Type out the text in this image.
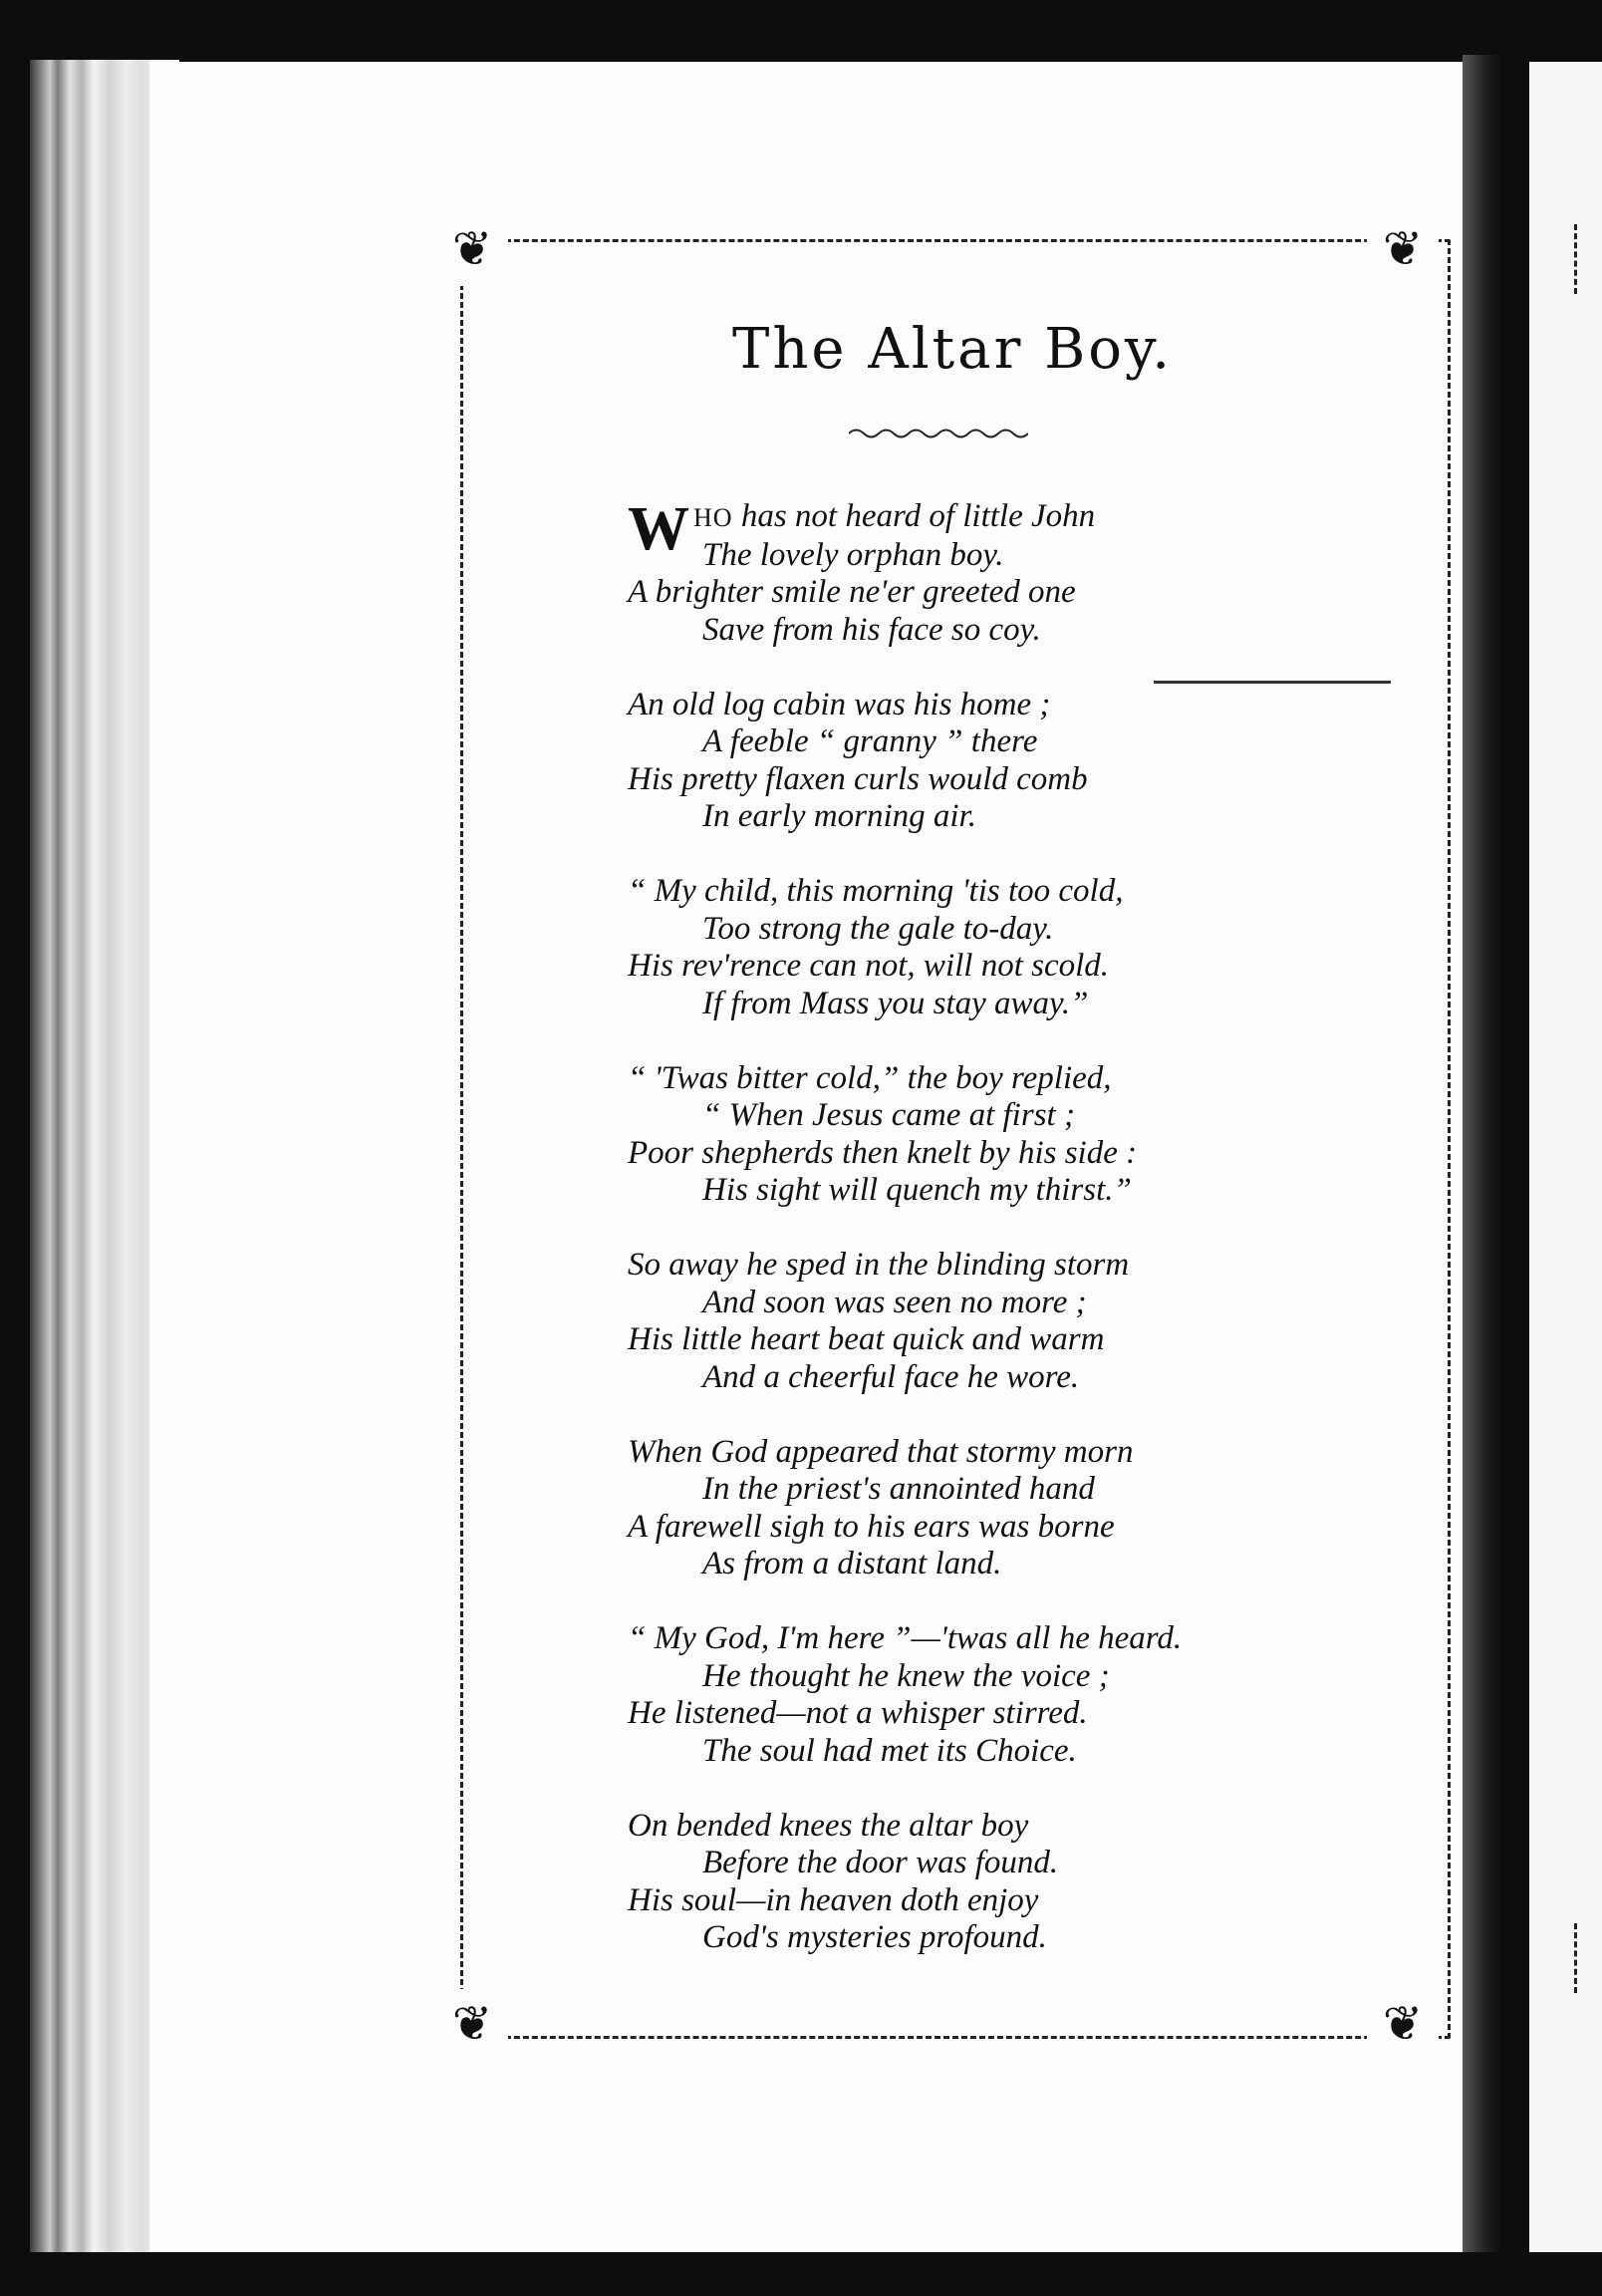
❦	❦
❦	❦
The Altar Boy.
WHO has not heard of little John
The lovely orphan boy.
A brighter smile ne'er greeted one
Save from his face so coy.
An old log cabin was his home ;
A feeble “ granny ” there
His pretty flaxen curls would comb
In early morning air.
“ My child, this morning 'tis too cold,
Too strong the gale to-day.
His rev'rence can not, will not scold.
If from Mass you stay away.”
“ 'Twas bitter cold,” the boy replied,
“ When Jesus came at first ;
Poor shepherds then knelt by his side :
His sight will quench my thirst.”
So away he sped in the blinding storm
And soon was seen no more ;
His little heart beat quick and warm
And a cheerful face he wore.
When God appeared that stormy morn
In the priest's annointed hand
A farewell sigh to his ears was borne
As from a distant land.
“ My God, I'm here ”—'twas all he heard.
He thought he knew the voice ;
He listened—not a whisper stirred.
The soul had met its Choice.
On bended knees the altar boy
Before the door was found.
His soul—in heaven doth enjoy
God's mysteries profound.
